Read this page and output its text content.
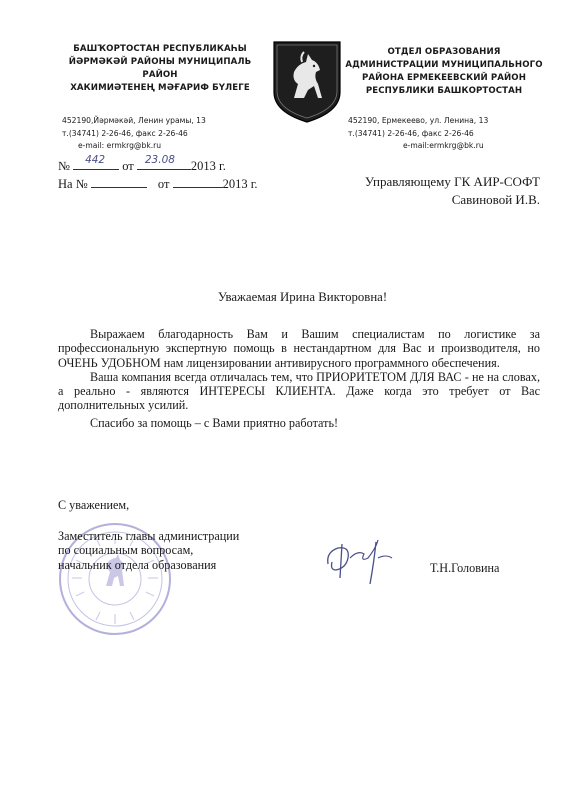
БАШҠОРТОСТАН РЕСПУБЛИКАҺЫ
ЙӘРМӘКӘЙ РАЙОНЫ МУНИЦИПАЛЬ РАЙОН
ХАКИМИӘТЕНЕҢ МӘҒАРИФ БҮЛЕГЕ
452190,Йәрмәкәй, Ленин урамы, 13
т.(34741) 2-26-46, факс 2-26-46
e-mail: ermkrg@bk.ru
ОТДЕЛ ОБРАЗОВАНИЯ
АДМИНИСТРАЦИИ МУНИЦИПАЛЬНОГО
РАЙОНА ЕРМЕКЕЕВСКИЙ РАЙОН
РЕСПУБЛИКИ БАШКОРТОСТАН
452190, Ермекеево, ул. Ленина, 13
т.(34741) 2-26-46, факс 2-26-46
e-mail:ermkrg@bk.ru
№ 442 от 23.08 2013 г.
На №	от	2013 г.	Управляющему ГК АИР-СОФТ
Савиновой И.В.
Уважаемая Ирина Викторовна!
Выражаем благодарность Вам и Вашим специалистам по логистике за профессиональную экспертную помощь в нестандартном для Вас и производителя, но ОЧЕНЬ УДОБНОМ нам лицензировании антивирусного программного обеспечения.
Ваша компания всегда отличалась тем, что ПРИОРИТЕТОМ ДЛЯ ВАС - не на словах, а реально - являются ИНТЕРЕСЫ КЛИЕНТА. Даже когда это требует от Вас дополнительных усилий.
Спасибо за помощь – с Вами приятно работать!
С уважением,
Заместитель главы администрации
по социальным вопросам,
начальник отдела образования	Т.Н.Головина
